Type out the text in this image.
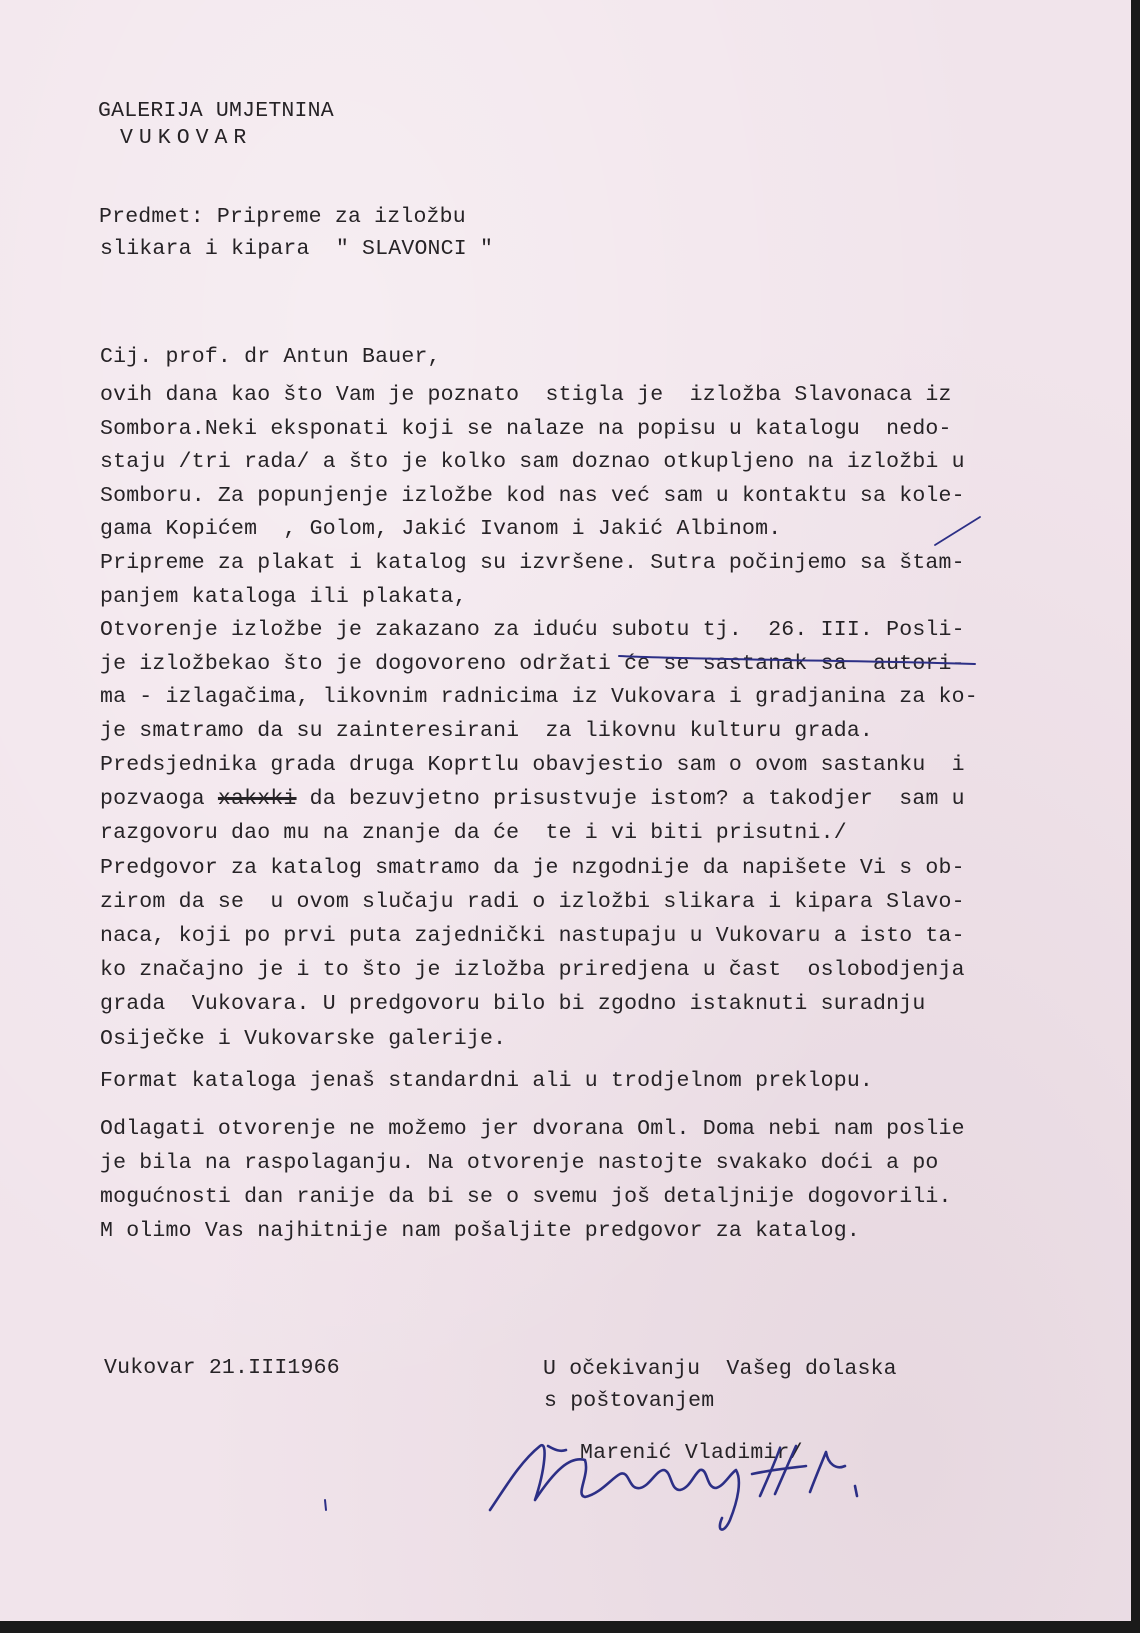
GALERIJA UMJETNINA
VUKOVAR
Predmet: Pripreme za izložbu
slikara i kipara  " SLAVONCI "
Cij. prof. dr Antun Bauer,
ovih dana kao što Vam je poznato  stigla je  izložba Slavonaca iz
Sombora.Neki eksponati koji se nalaze na popisu u katalogu  nedo-
staju /tri rada/ a što je kolko sam doznao otkupljeno na izložbi u
Somboru. Za popunjenje izložbe kod nas već sam u kontaktu sa kole-
gama Kopićem  , Golom, Jakić Ivanom i Jakić Albinom.
Pripreme za plakat i katalog su izvršene. Sutra počinjemo sa štam-
panjem kataloga ili plakata,
Otvorenje izložbe je zakazano za iduću subotu tj.  26. III. Posli-
je izložbekao što je dogovoreno održati će se sastanak sa  autori-
ma - izlagačima, likovnim radnicima iz Vukovara i gradjanina za ko-
je smatramo da su zainteresirani  za likovnu kulturu grada.
Predsjednika grada druga Koprtlu obavjestio sam o ovom sastanku  i
pozvaoga xakxki da bezuvjetno prisustvuje istom? a takodjer  sam u
razgovoru dao mu na znanje da će  te i vi biti prisutni./
Predgovor za katalog smatramo da je nzgodnije da napišete Vi s ob-
zirom da se  u ovom slučaju radi o izložbi slikara i kipara Slavo-
naca, koji po prvi puta zajednički nastupaju u Vukovaru a isto ta-
ko značajno je i to što je izložba priredjena u čast  oslobodjenja
grada  Vukovara. U predgovoru bilo bi zgodno istaknuti suradnju
Osiječke i Vukovarske galerije.
Format kataloga jenaš standardni ali u trodjelnom preklopu.
Odlagati otvorenje ne možemo jer dvorana Oml. Doma nebi nam poslie
je bila na raspolaganju. Na otvorenje nastojte svakako doći a po
mogućnosti dan ranije da bi se o svemu još detaljnije dogovorili.
M olimo Vas najhitnije nam pošaljite predgovor za katalog.
Vukovar 21.III1966	U očekivanju  Vašeg dolaska
s poštovanjem
Marenić Vladimir/
